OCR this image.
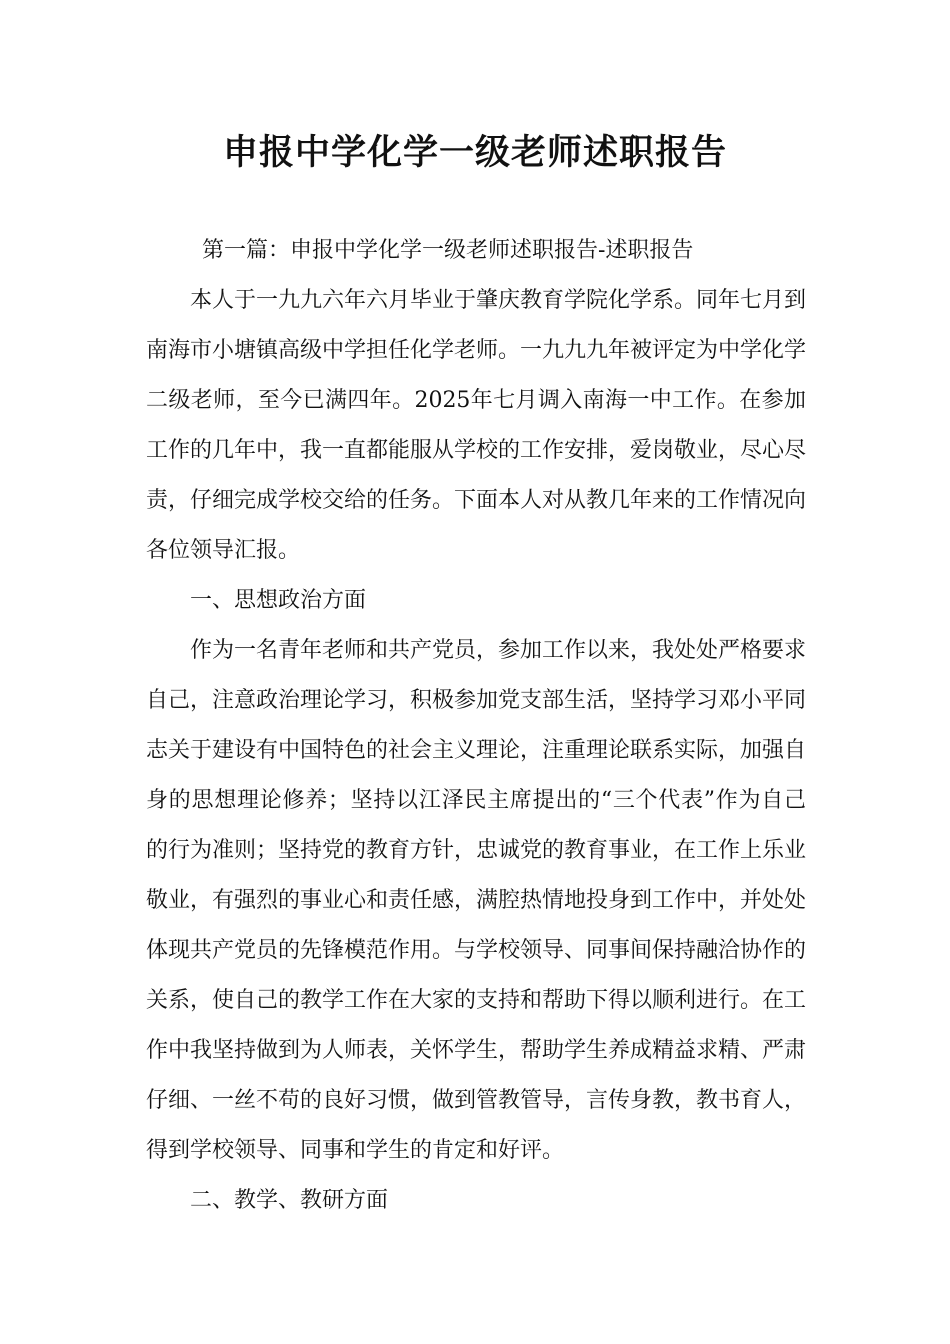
申报中学化学一级老师述职报告

第一篇：申报中学化学一级老师述职报告-述职报告

本人于一九九六年六月毕业于肇庆教育学院化学系。同年七月到南海市小塘镇高级中学担任化学老师。一九九九年被评定为中学化学二级老师，至今已满四年。2025年七月调入南海一中工作。在参加工作的几年中，我一直都能服从学校的工作安排，爱岗敬业，尽心尽责，仔细完成学校交给的任务。下面本人对从教几年来的工作情况向各位领导汇报。

一、思想政治方面

作为一名青年老师和共产党员，参加工作以来，我处处严格要求自己，注意政治理论学习，积极参加党支部生活，坚持学习邓小平同志关于建设有中国特色的社会主义理论，注重理论联系实际，加强自身的思想理论修养；坚持以江泽民主席提出的“三个代表”作为自己的行为准则；坚持党的教育方针，忠诚党的教育事业，在工作上乐业敬业，有强烈的事业心和责任感，满腔热情地投身到工作中，并处处体现共产党员的先锋模范作用。与学校领导、同事间保持融洽协作的关系，使自己的教学工作在大家的支持和帮助下得以顺利进行。在工作中我坚持做到为人师表，关怀学生，帮助学生养成精益求精、严肃仔细、一丝不苟的良好习惯，做到管教管导，言传身教，教书育人，得到学校领导、同事和学生的肯定和好评。

二、教学、教研方面
